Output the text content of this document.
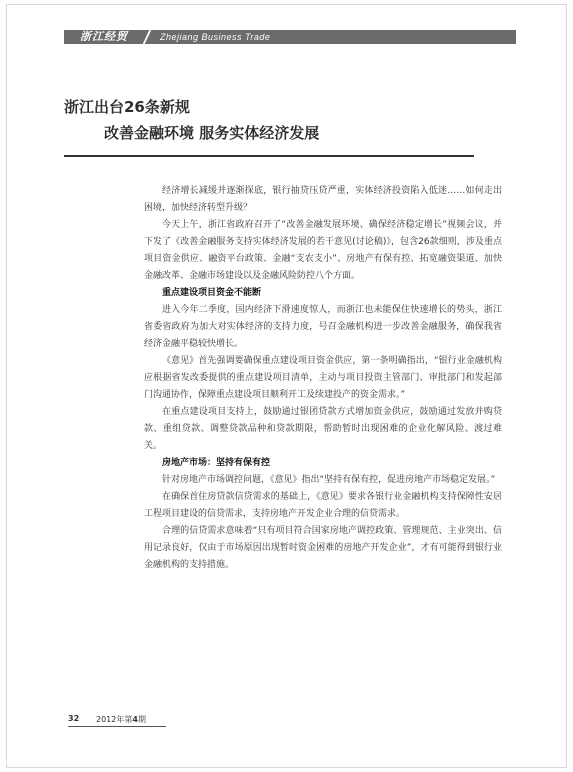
浙江经贸	Zhejiang Business Trade
浙江出台26条新规
改善金融环境 服务实体经济发展

经济增长减缓并逐渐探底，银行抽贷压贷严重，实体经济投资陷入低迷……如何走出困境，加快经济转型升级？

今天上午，浙江省政府召开了“改善金融发展环境、确保经济稳定增长”视频会议，并下发了《改善金融服务支持实体经济发展的若干意见(讨论稿)》，包含26款细则，涉及重点项目资金供应、融资平台政策、金融“支农支小”、房地产有保有控、拓宽融资渠道、加快金融改革、金融市场建设以及金融风险防控八个方面。

重点建设项目资金不能断

进入今年二季度，国内经济下滑速度惊人，而浙江也未能保住快速增长的势头，浙江省委省政府为加大对实体经济的支持力度，号召金融机构进一步改善金融服务，确保我省经济金融平稳较快增长。

《意见》首先强调要确保重点建设项目资金供应，第一条明确指出，“银行业金融机构应根据省发改委提供的重点建设项目清单，主动与项目投资主管部门、审批部门和发起部门沟通协作，保障重点建设项目顺利开工及续建投产的资金需求。”

在重点建设项目支持上，鼓励通过银团贷款方式增加资金供应，鼓励通过发放并购贷款、重组贷款、调整贷款品种和贷款期限，帮助暂时出现困难的企业化解风险、渡过难关。

房地产市场：坚持有保有控

针对房地产市场调控问题，《意见》指出“坚持有保有控，促进房地产市场稳定发展。”

在确保首住房贷款信贷需求的基础上，《意见》要求各银行业金融机构支持保障性安居工程项目建设的信贷需求，支持房地产开发企业合理的信贷需求。

合理的信贷需求意味着“只有项目符合国家房地产调控政策、管理规范、主业突出、信用记录良好，仅由于市场原因出现暂时资金困难的房地产开发企业”，才有可能得到银行业金融机构的支持措施。

32 2012年第4期
